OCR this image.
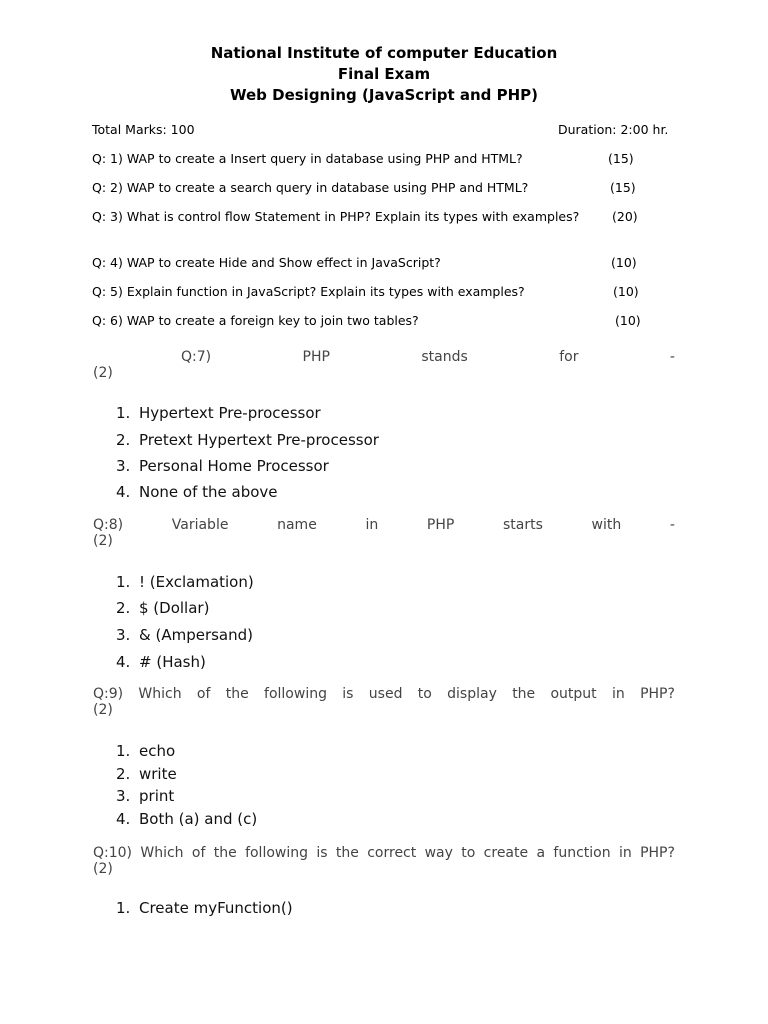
National Institute of computer Education
Final Exam
Web Designing (JavaScript and PHP)
Total Marks: 100	Duration: 2:00 hr.
Q: 1) WAP to create a Insert query in database using PHP and HTML?	(15)
Q: 2) WAP to create a search query in database using PHP and HTML?	(15)
Q: 3) What is control flow Statement in PHP? Explain its types with examples?	(20)
Q: 4) WAP to create Hide and Show effect in JavaScript?	(10)
Q: 5) Explain function in JavaScript? Explain its types with examples?	(10)
Q: 6) WAP to create a foreign key to join two tables?	(10)
Q:7)	PHP	stands	for	-
(2)
1. Hypertext Pre-processor
2. Pretext Hypertext Pre-processor
3. Personal Home Processor
4. None of the above
Q:8)	Variable	name	in	PHP	starts	with	-
(2)
1. ! (Exclamation)
2. $ (Dollar)
3. & (Ampersand)
4. # (Hash)
Q:9) Which of the following is used to display the output in PHP?
(2)
1. echo
2. write
3. print
4. Both (a) and (c)
Q:10) Which of the following is the correct way to create a function in PHP?
(2)
1. Create myFunction()
